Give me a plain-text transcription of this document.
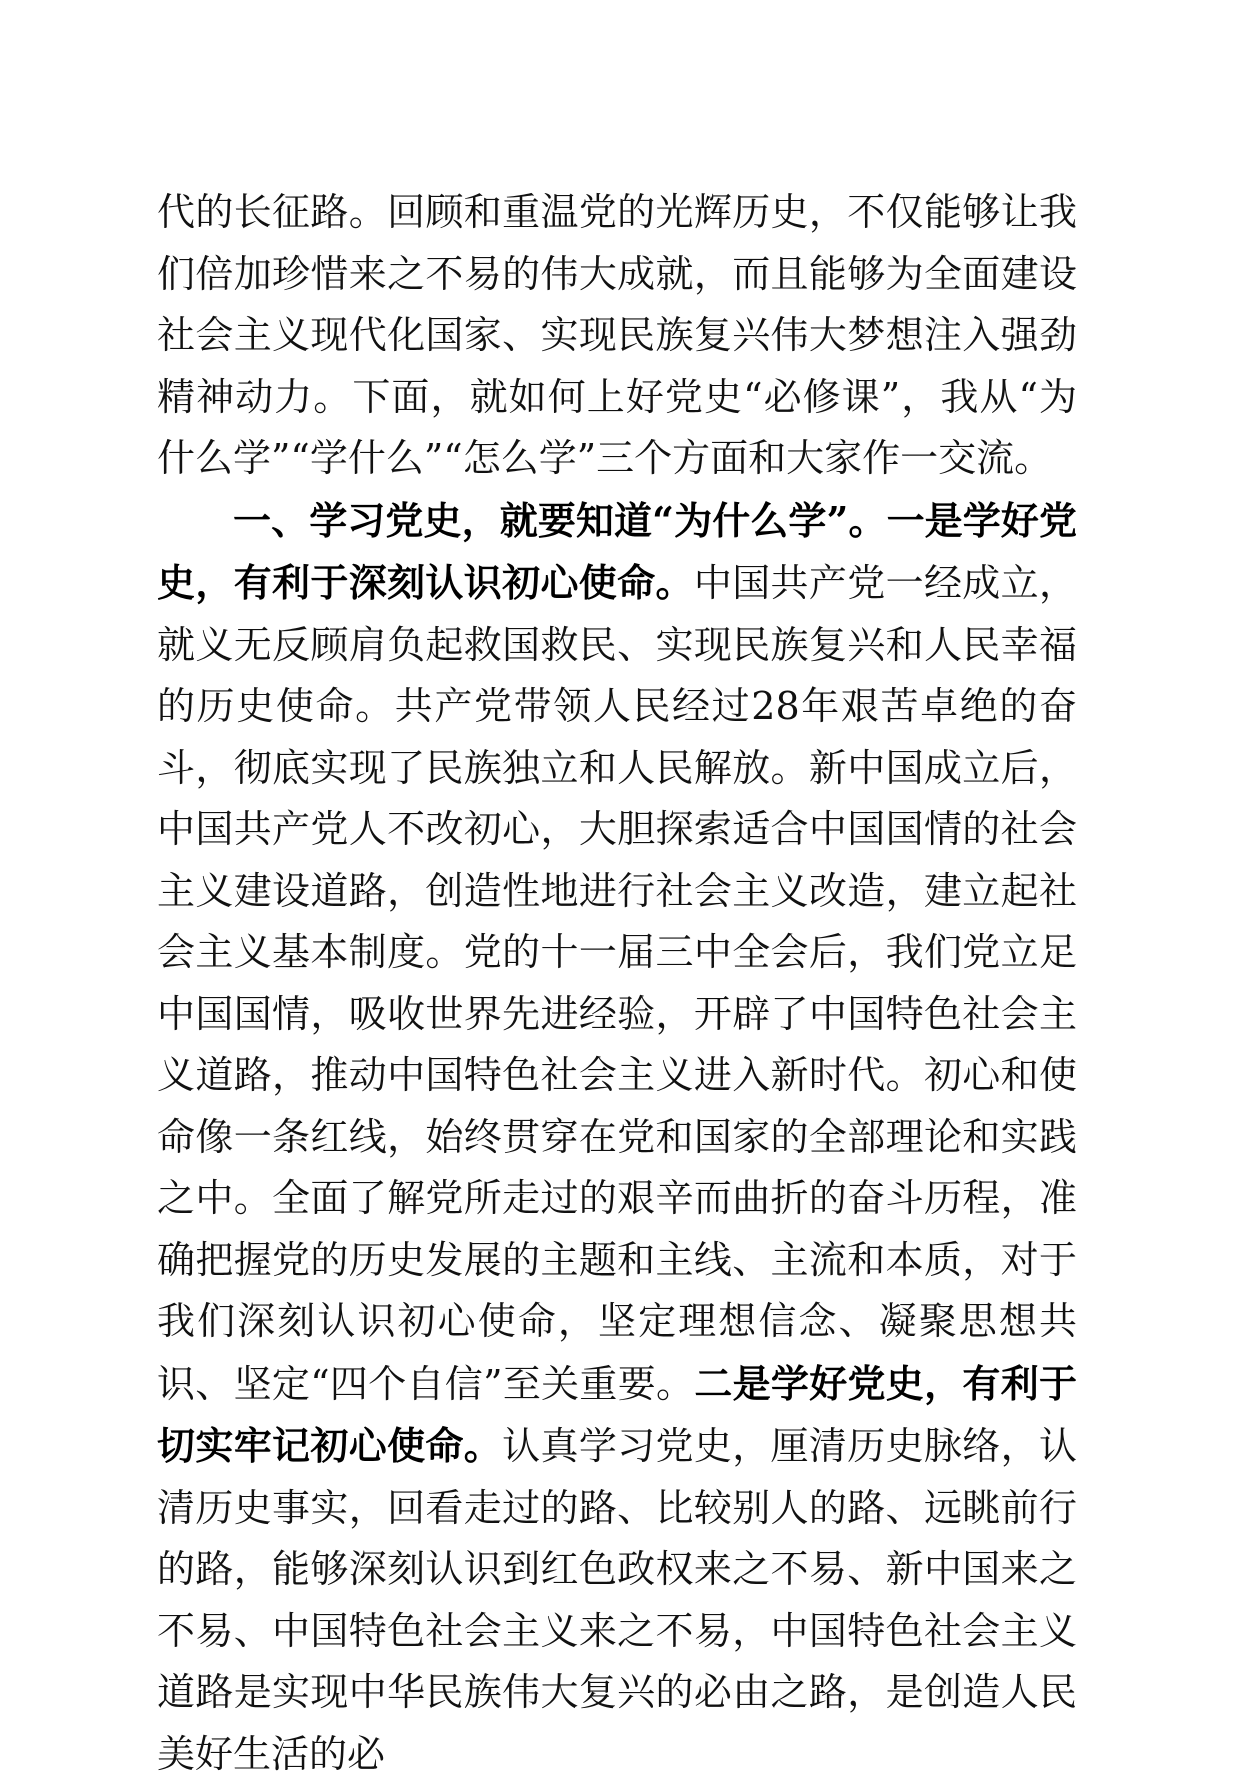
代的长征路。回顾和重温党的光辉历史，不仅能够让我们倍加珍惜来之不易的伟大成就，而且能够为全面建设社会主义现代化国家、实现民族复兴伟大梦想注入强劲精神动力。下面，就如何上好党史“必修课”，我从“为什么学”“学什么”“怎么学”三个方面和大家作一交流。

一、学习党史，就要知道“为什么学”。一是学好党史，有利于深刻认识初心使命。中国共产党一经成立，就义无反顾肩负起救国救民、实现民族复兴和人民幸福的历史使命。共产党带领人民经过28年艰苦卓绝的奋斗，彻底实现了民族独立和人民解放。新中国成立后，中国共产党人不改初心，大胆探索适合中国国情的社会主义建设道路，创造性地进行社会主义改造，建立起社会主义基本制度。党的十一届三中全会后，我们党立足中国国情，吸收世界先进经验，开辟了中国特色社会主义道路，推动中国特色社会主义进入新时代。初心和使命像一条红线，始终贯穿在党和国家的全部理论和实践之中。全面了解党所走过的艰辛而曲折的奋斗历程，准确把握党的历史发展的主题和主线、主流和本质，对于我们深刻认识初心使命，坚定理想信念、凝聚思想共识、坚定“四个自信”至关重要。二是学好党史，有利于切实牢记初心使命。认真学习党史，厘清历史脉络，认清历史事实，回看走过的路、比较别人的路、远眺前行的路，能够深刻认识到红色政权来之不易、新中国来之不易、中国特色社会主义来之不易，中国特色社会主义道路是实现中华民族伟大复兴的必由之路，是创造人民美好生活的必
